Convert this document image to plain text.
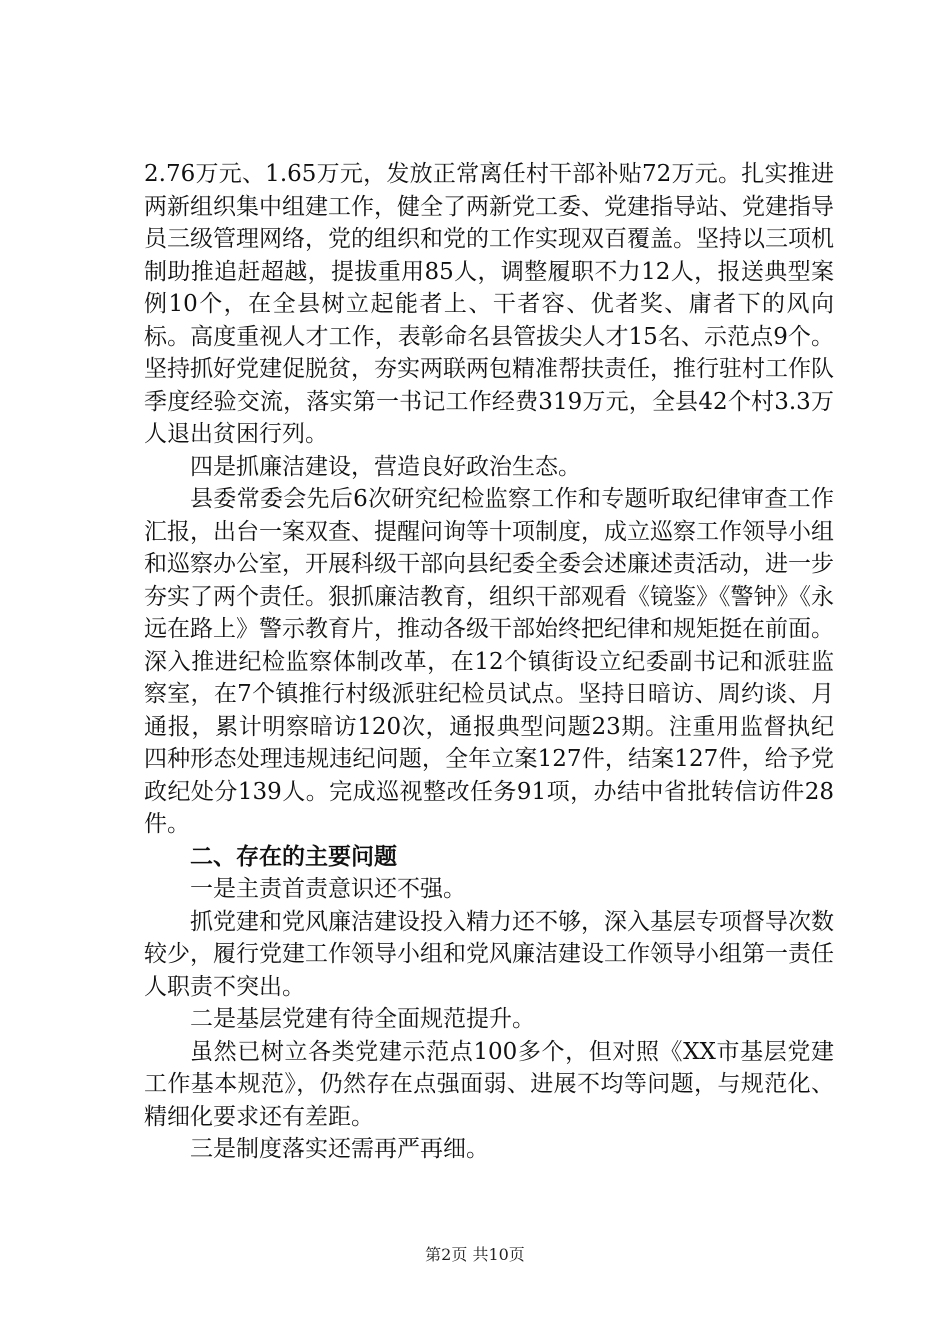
2.76万元、1.65万元，发放正常离任村干部补贴72万元。扎实推进两新组织集中组建工作，健全了两新党工委、党建指导站、党建指导员三级管理网络，党的组织和党的工作实现双百覆盖。坚持以三项机制助推追赶超越，提拔重用85人，调整履职不力12人，报送典型案例10个，在全县树立起能者上、干者容、优者奖、庸者下的风向标。高度重视人才工作，表彰命名县管拔尖人才15名、示范点9个。坚持抓好党建促脱贫，夯实两联两包精准帮扶责任，推行驻村工作队季度经验交流，落实第一书记工作经费319万元，全县42个村3.3万人退出贫困行列。

四是抓廉洁建设，营造良好政治生态。

县委常委会先后6次研究纪检监察工作和专题听取纪律审查工作汇报，出台一案双查、提醒问询等十项制度，成立巡察工作领导小组和巡察办公室，开展科级干部向县纪委全委会述廉述责活动，进一步夯实了两个责任。狠抓廉洁教育，组织干部观看《镜鉴》《警钟》《永远在路上》警示教育片，推动各级干部始终把纪律和规矩挺在前面。深入推进纪检监察体制改革，在12个镇街设立纪委副书记和派驻监察室，在7个镇推行村级派驻纪检员试点。坚持日暗访、周约谈、月通报，累计明察暗访120次，通报典型问题23期。注重用监督执纪四种形态处理违规违纪问题，全年立案127件，结案127件，给予党政纪处分139人。完成巡视整改任务91项，办结中省批转信访件28件。

二、存在的主要问题

一是主责首责意识还不强。

抓党建和党风廉洁建设投入精力还不够，深入基层专项督导次数较少，履行党建工作领导小组和党风廉洁建设工作领导小组第一责任人职责不突出。

二是基层党建有待全面规范提升。

虽然已树立各类党建示范点100多个，但对照《XX市基层党建工作基本规范》，仍然存在点强面弱、进展不均等问题，与规范化、精细化要求还有差距。

三是制度落实还需再严再细。

第2页 共10页
